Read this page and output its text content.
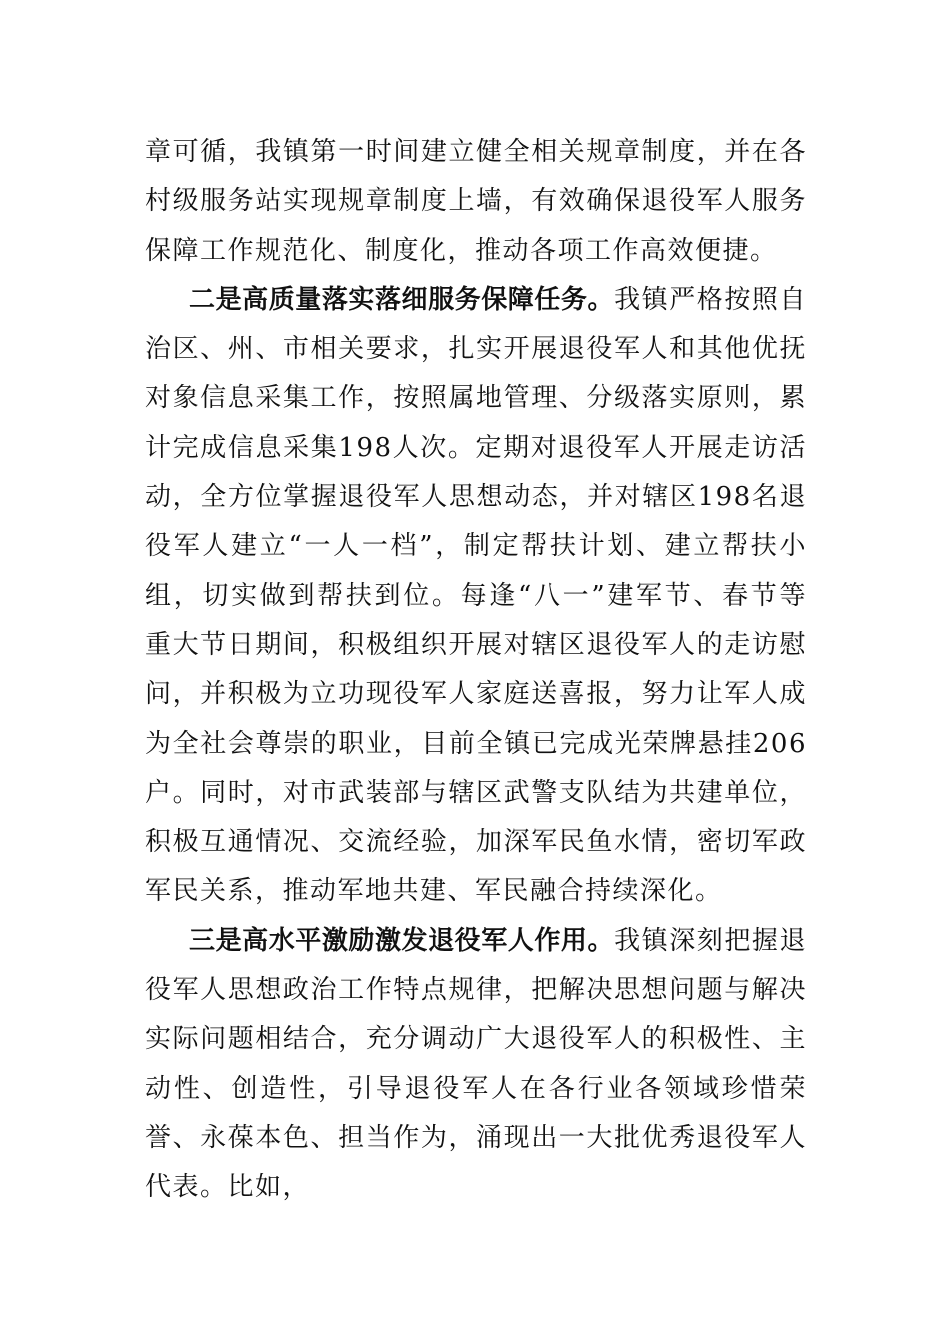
章可循，我镇第一时间建立健全相关规章制度，并在各村级服务站实现规章制度上墙，有效确保退役军人服务保障工作规范化、制度化，推动各项工作高效便捷。

二是高质量落实落细服务保障任务。我镇严格按照自治区、州、市相关要求，扎实开展退役军人和其他优抚对象信息采集工作，按照属地管理、分级落实原则，累计完成信息采集198人次。定期对退役军人开展走访活动，全方位掌握退役军人思想动态，并对辖区198名退役军人建立“一人一档”，制定帮扶计划、建立帮扶小组，切实做到帮扶到位。每逢“八一”建军节、春节等重大节日期间，积极组织开展对辖区退役军人的走访慰问，并积极为立功现役军人家庭送喜报，努力让军人成为全社会尊崇的职业，目前全镇已完成光荣牌悬挂206户。同时，对市武装部与辖区武警支队结为共建单位，积极互通情况、交流经验，加深军民鱼水情，密切军政军民关系，推动军地共建、军民融合持续深化。

三是高水平激励激发退役军人作用。我镇深刻把握退役军人思想政治工作特点规律，把解决思想问题与解决实际问题相结合，充分调动广大退役军人的积极性、主动性、创造性，引导退役军人在各行业各领域珍惜荣誉、永葆本色、担当作为，涌现出一大批优秀退役军人代表。比如，
